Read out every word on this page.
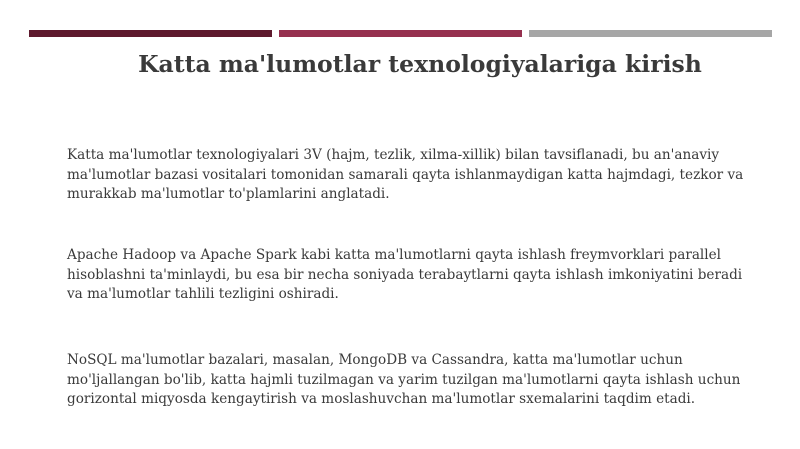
Katta ma'lumotlar texnologiyalariga kirish

Katta ma'lumotlar texnologiyalari 3V (hajm, tezlik, xilma-xillik) bilan tavsiflanadi, bu an'anaviy ma'lumotlar bazasi vositalari tomonidan samarali qayta ishlanmaydigan katta hajmdagi, tezkor va murakkab ma'lumotlar to'plamlarini anglatadi.

Apache Hadoop va Apache Spark kabi katta ma'lumotlarni qayta ishlash freymvorklari parallel hisoblashni ta'minlaydi, bu esa bir necha soniyada terabaytlarni qayta ishlash imkoniyatini beradi va ma'lumotlar tahlili tezligini oshiradi.

NoSQL ma'lumotlar bazalari, masalan, MongoDB va Cassandra, katta ma'lumotlar uchun mo'ljallangan bo'lib, katta hajmli tuzilmagan va yarim tuzilgan ma'lumotlarni qayta ishlash uchun gorizontal miqyosda kengaytirish va moslashuvchan ma'lumotlar sxemalarini taqdim etadi.
